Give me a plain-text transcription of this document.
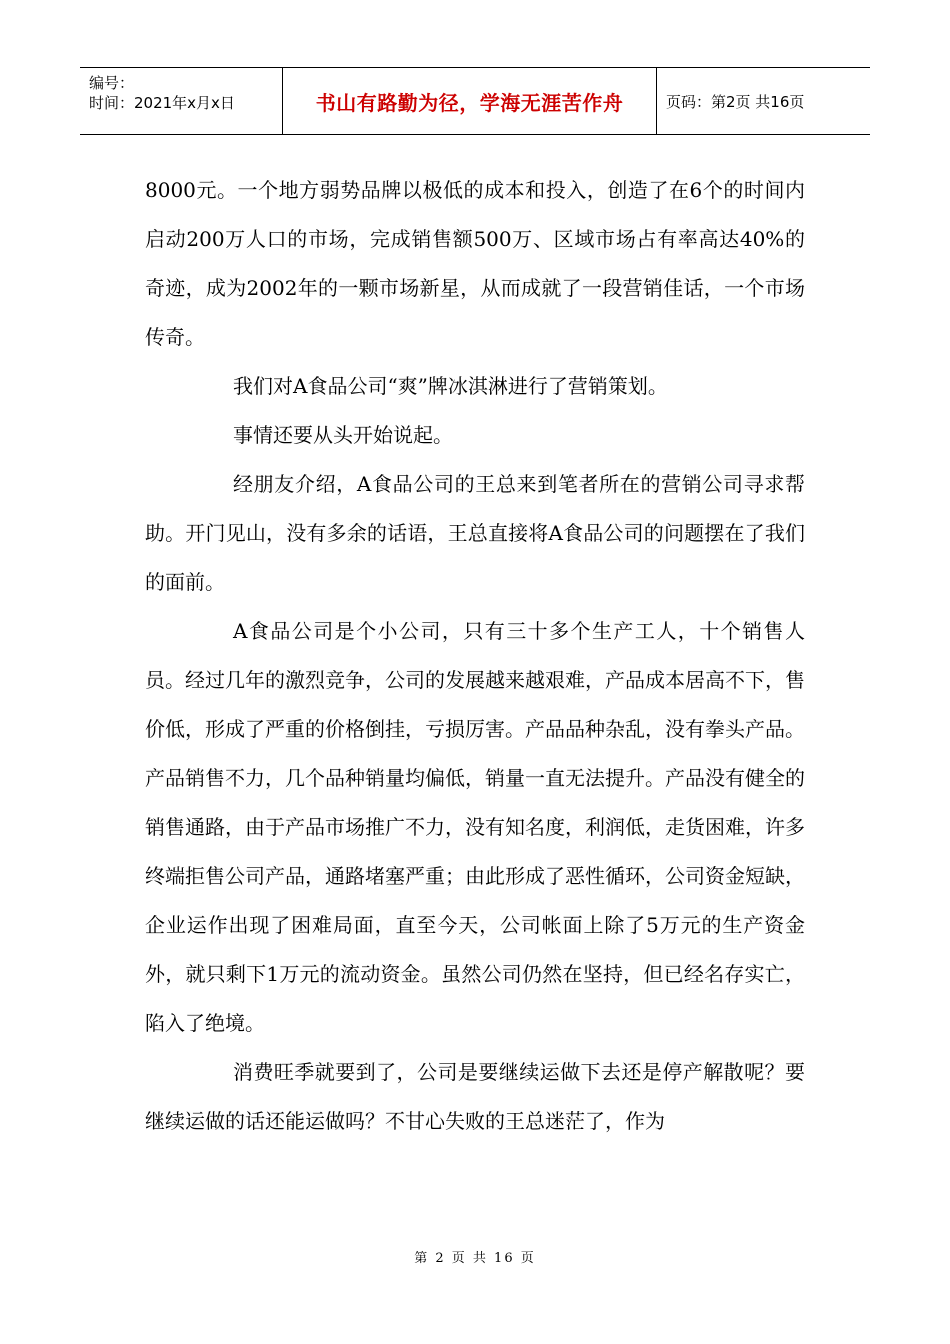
编号：
时间：2021年x月x日	书山有路勤为径，学海无涯苦作舟	页码：第2页 共16页

8000元。一个地方弱势品牌以极低的成本和投入，创造了在6个的时间内启动200万人口的市场，完成销售额500万、区域市场占有率高达40%的奇迹，成为2002年的一颗市场新星，从而成就了一段营销佳话，一个市场传奇。

我们对A食品公司“爽”牌冰淇淋进行了营销策划。

事情还要从头开始说起。

经朋友介绍，A食品公司的王总来到笔者所在的营销公司寻求帮助。开门见山，没有多余的话语，王总直接将A食品公司的问题摆在了我们的面前。

A食品公司是个小公司，只有三十多个生产工人，十个销售人员。经过几年的激烈竞争，公司的发展越来越艰难，产品成本居高不下，售价低，形成了严重的价格倒挂，亏损厉害。产品品种杂乱，没有拳头产品。产品销售不力，几个品种销量均偏低，销量一直无法提升。产品没有健全的销售通路，由于产品市场推广不力，没有知名度，利润低，走货困难，许多终端拒售公司产品，通路堵塞严重；由此形成了恶性循环，公司资金短缺，企业运作出现了困难局面，直至今天，公司帐面上除了5万元的生产资金外，就只剩下1万元的流动资金。虽然公司仍然在坚持，但已经名存实亡，陷入了绝境。

消费旺季就要到了，公司是要继续运做下去还是停产解散呢？要继续运做的话还能运做吗？不甘心失败的王总迷茫了，作为

第 2 页 共 16 页
